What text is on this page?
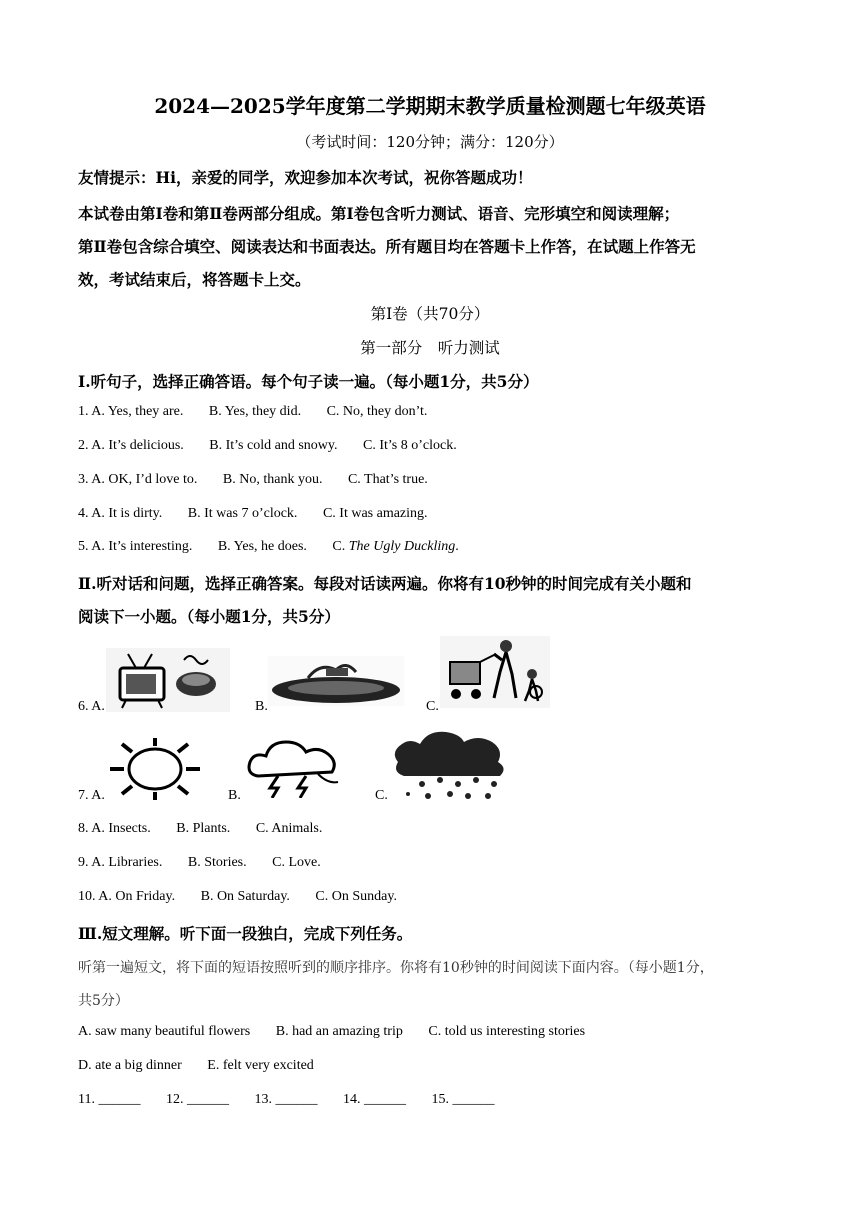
2024—2025学年度第二学期期末教学质量检测题七年级英语
（考试时间：120分钟；满分：120分）
友情提示：Hi，亲爱的同学，欢迎参加本次考试，祝你答题成功！
本试卷由第Ⅰ卷和第Ⅱ卷两部分组成。第Ⅰ卷包含听力测试、语音、完形填空和阅读理解；
第Ⅱ卷包含综合填空、阅读表达和书面表达。所有题目均在答题卡上作答，在试题上作答无
效，考试结束后，将答题卡上交。
第Ⅰ卷（共70分）
第一部分　听力测试
Ⅰ.听句子，选择正确答语。每个句子读一遍。（每小题1分，共5分）
1. A. Yes, they are. B. Yes, they did. C. No, they don’t.
2. A. It’s delicious. B. It’s cold and snowy. C. It’s 8 o’clock.
3. A. OK, I’d love to. B. No, thank you. C. That’s true.
4. A. It is dirty. B. It was 7 o’clock. C. It was amazing.
5. A. It’s interesting. B. Yes, he does. C. The Ugly Duckling.
Ⅱ.听对话和问题，选择正确答案。每段对话读两遍。你将有10秒钟的时间完成有关小题和
阅读下一小题。（每小题1分，共5分）
6. A.	B.	C.
7. A.	B.	C.
8. A. Insects. B. Plants. C. Animals.
9. A. Libraries. B. Stories. C. Love.
10. A. On Friday. B. On Saturday. C. On Sunday.
Ⅲ.短文理解。听下面一段独白，完成下列任务。
听第一遍短文，将下面的短语按照听到的顺序排序。你将有10秒钟的时间阅读下面内容。（每小题1分，
共5分）
A. saw many beautiful flowers B. had an amazing trip C. told us interesting stories
D. ate a big dinner E. felt very excited
11. ______ 12. ______ 13. ______ 14. ______ 15. ______
